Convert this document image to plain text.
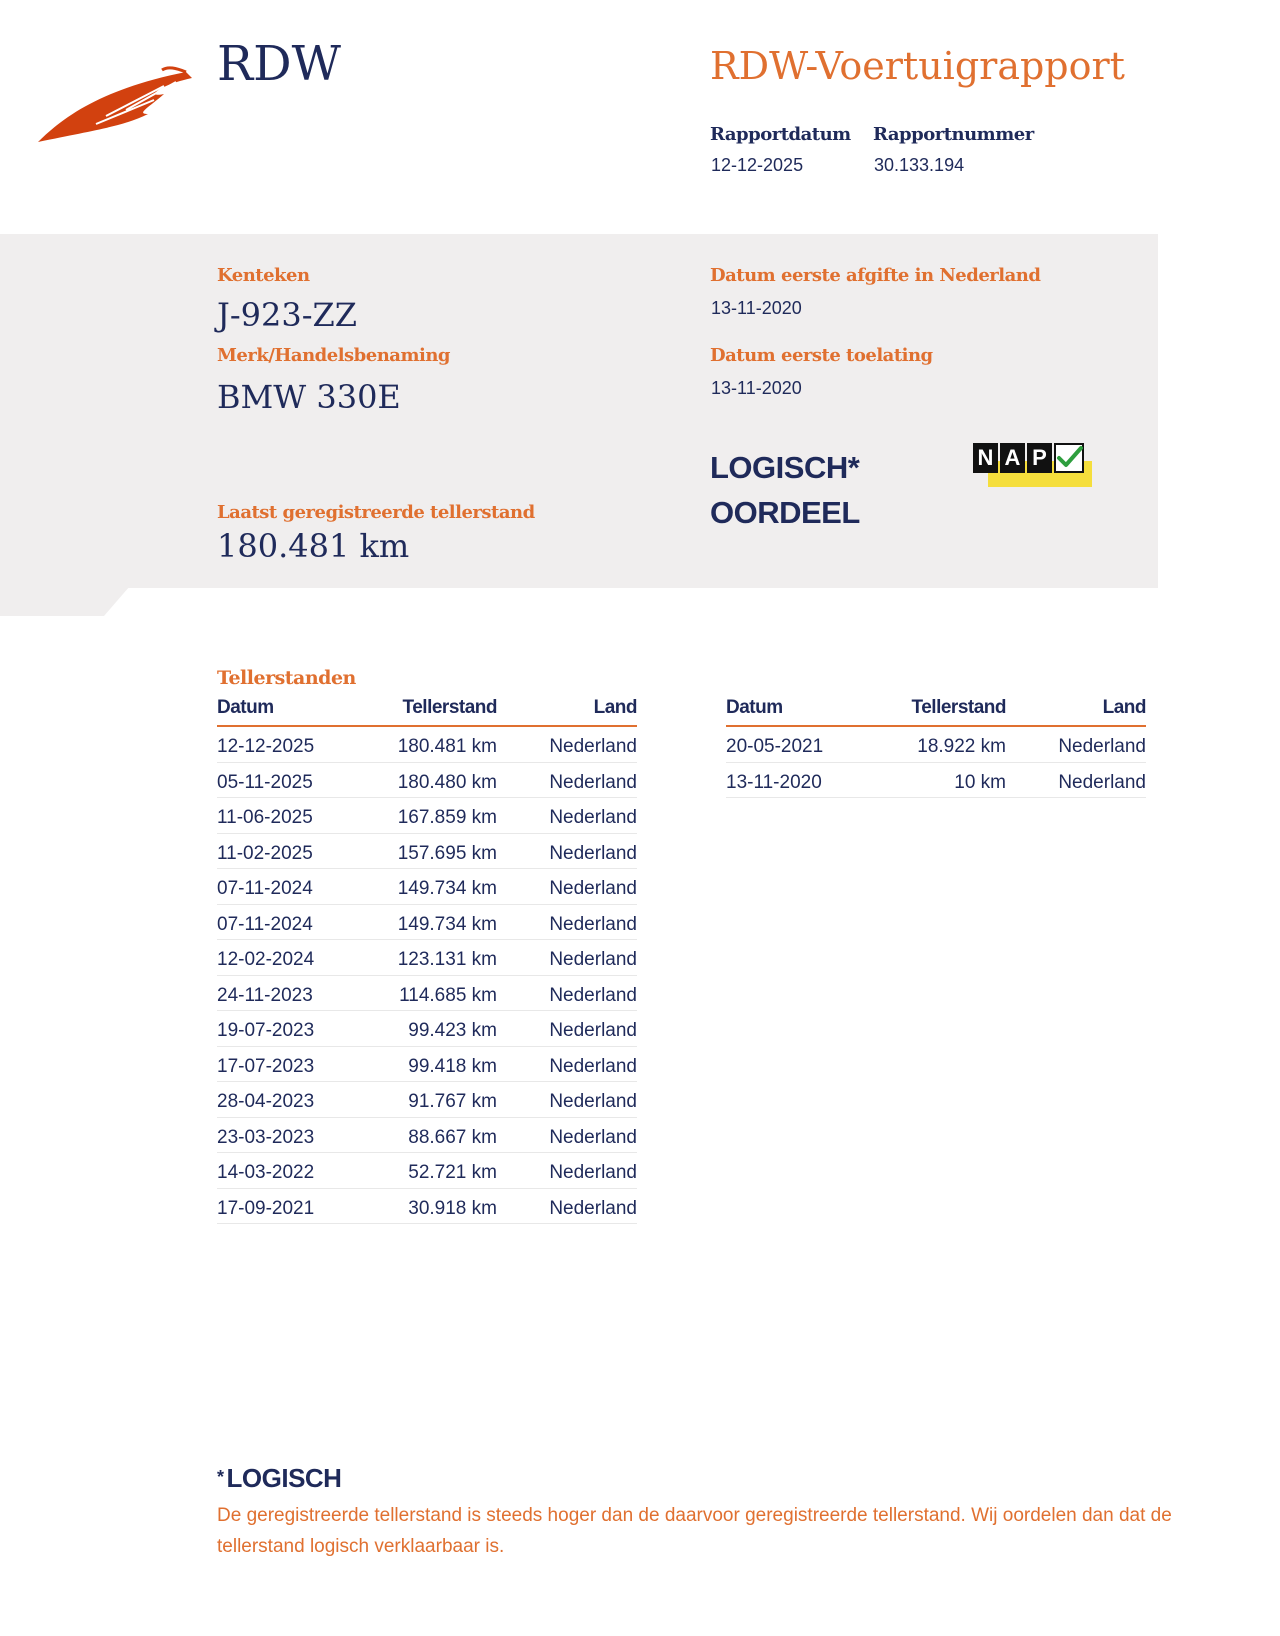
RDW	RDW-Voertuigrapport
Rapportdatum
12-12-2025
Rapportnummer
30.133.194
Kenteken
J-923-ZZ
Merk/Handelsbenaming
BMW 330E
Laatst geregistreerde tellerstand
180.481 km
Datum eerste afgifte in Nederland
13-11-2020
Datum eerste toelating
13-11-2020
LOGISCH*
OORDEEL
N A P
Tellerstanden
Datum	Tellerstand	Land
12-12-2025	180.481 km	Nederland
05-11-2025	180.480 km	Nederland
11-06-2025	167.859 km	Nederland
11-02-2025	157.695 km	Nederland
07-11-2024	149.734 km	Nederland
07-11-2024	149.734 km	Nederland
12-02-2024	123.131 km	Nederland
24-11-2023	114.685 km	Nederland
19-07-2023	99.423 km	Nederland
17-07-2023	99.418 km	Nederland
28-04-2023	91.767 km	Nederland
23-03-2023	88.667 km	Nederland
14-03-2022	52.721 km	Nederland
17-09-2021	30.918 km	Nederland
Datum	Tellerstand	Land
20-05-2021	18.922 km	Nederland
13-11-2020	10 km	Nederland
* LOGISCH
De geregistreerde tellerstand is steeds hoger dan de daarvoor geregistreerde tellerstand. Wij oordelen dan dat de tellerstand logisch verklaarbaar is.
